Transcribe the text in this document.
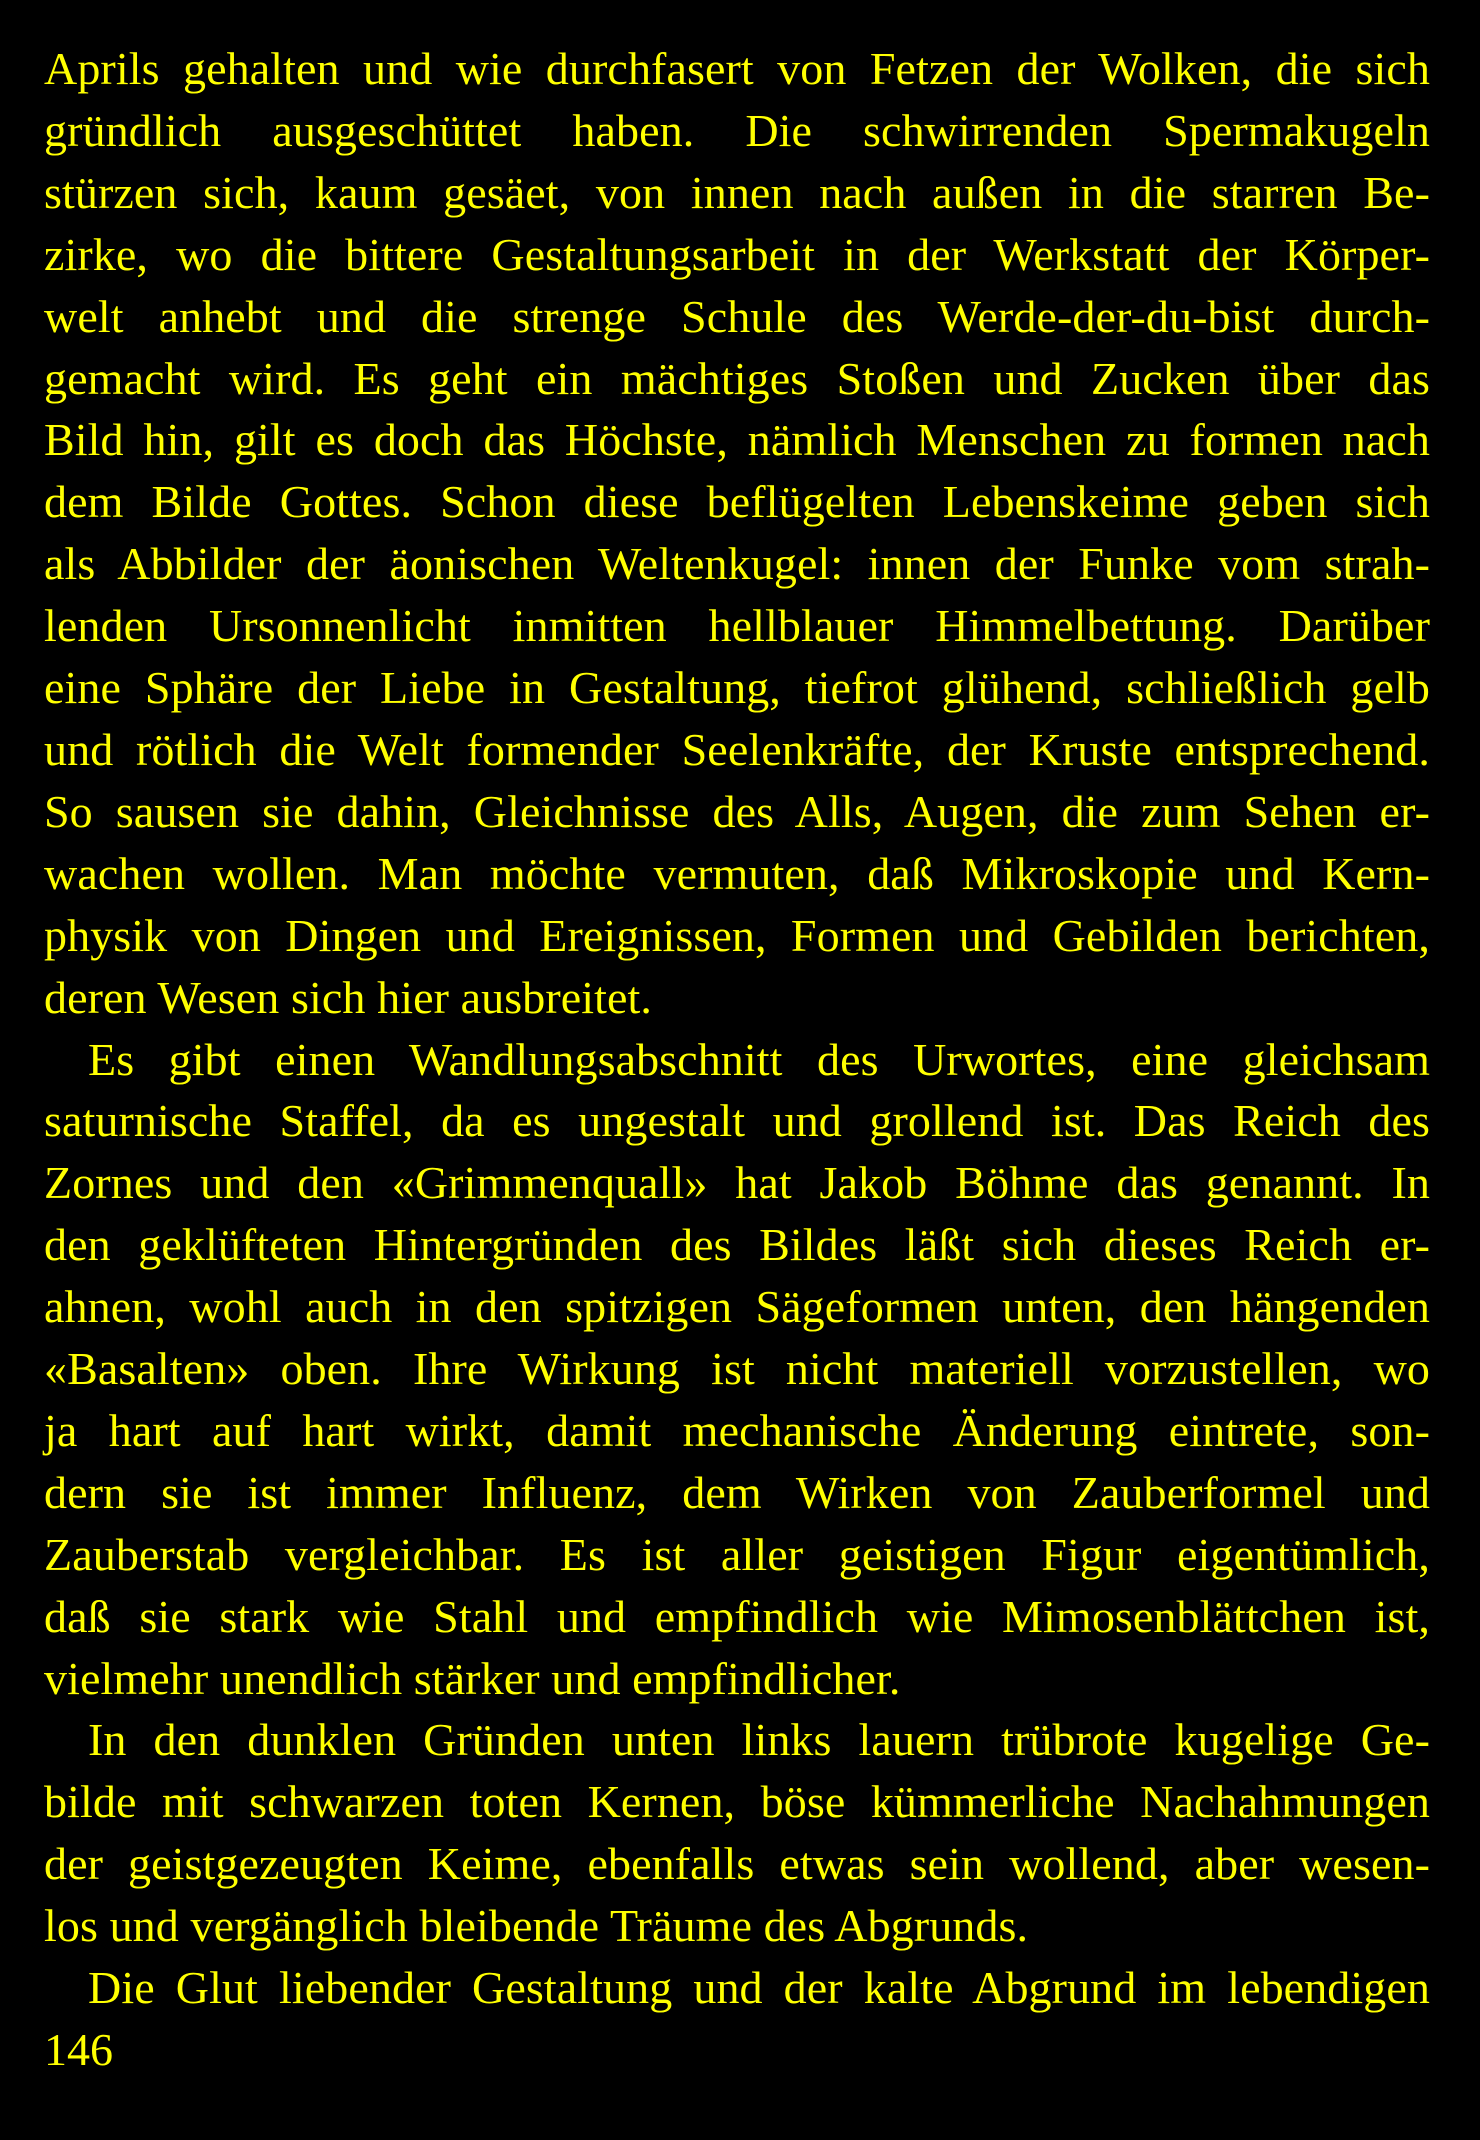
Aprils gehalten und wie durchfasert von Fetzen der Wolken, die sich
gründlich ausgeschüttet haben. Die schwirrenden Spermakugeln
stürzen sich, kaum gesäet, von innen nach außen in die starren Be-
zirke, wo die bittere Gestaltungsarbeit in der Werkstatt der Körper-
welt anhebt und die strenge Schule des Werde-der-du-bist durch-
gemacht wird. Es geht ein mächtiges Stoßen und Zucken über das
Bild hin, gilt es doch das Höchste, nämlich Menschen zu formen nach
dem Bilde Gottes. Schon diese beflügelten Lebenskeime geben sich
als Abbilder der äonischen Weltenkugel: innen der Funke vom strah-
lenden Ursonnenlicht inmitten hellblauer Himmelbettung. Darüber
eine Sphäre der Liebe in Gestaltung, tiefrot glühend, schließlich gelb
und rötlich die Welt formender Seelenkräfte, der Kruste entsprechend.
So sausen sie dahin, Gleichnisse des Alls, Augen, die zum Sehen er-
wachen wollen. Man möchte vermuten, daß Mikroskopie und Kern-
physik von Dingen und Ereignissen, Formen und Gebilden berichten,
deren Wesen sich hier ausbreitet.
Es gibt einen Wandlungsabschnitt des Urwortes, eine gleichsam
saturnische Staffel, da es ungestalt und grollend ist. Das Reich des
Zornes und den «Grimmenquall» hat Jakob Böhme das genannt. In
den geklüfteten Hintergründen des Bildes läßt sich dieses Reich er-
ahnen, wohl auch in den spitzigen Sägeformen unten, den hängenden
«Basalten» oben. Ihre Wirkung ist nicht materiell vorzustellen, wo
ja hart auf hart wirkt, damit mechanische Änderung eintrete, son-
dern sie ist immer Influenz, dem Wirken von Zauberformel und
Zauberstab vergleichbar. Es ist aller geistigen Figur eigentümlich,
daß sie stark wie Stahl und empfindlich wie Mimosenblättchen ist,
vielmehr unendlich stärker und empfindlicher.
In den dunklen Gründen unten links lauern trübrote kugelige Ge-
bilde mit schwarzen toten Kernen, böse kümmerliche Nachahmungen
der geistgezeugten Keime, ebenfalls etwas sein wollend, aber wesen-
los und vergänglich bleibende Träume des Abgrunds.
Die Glut liebender Gestaltung und der kalte Abgrund im lebendigen
146
